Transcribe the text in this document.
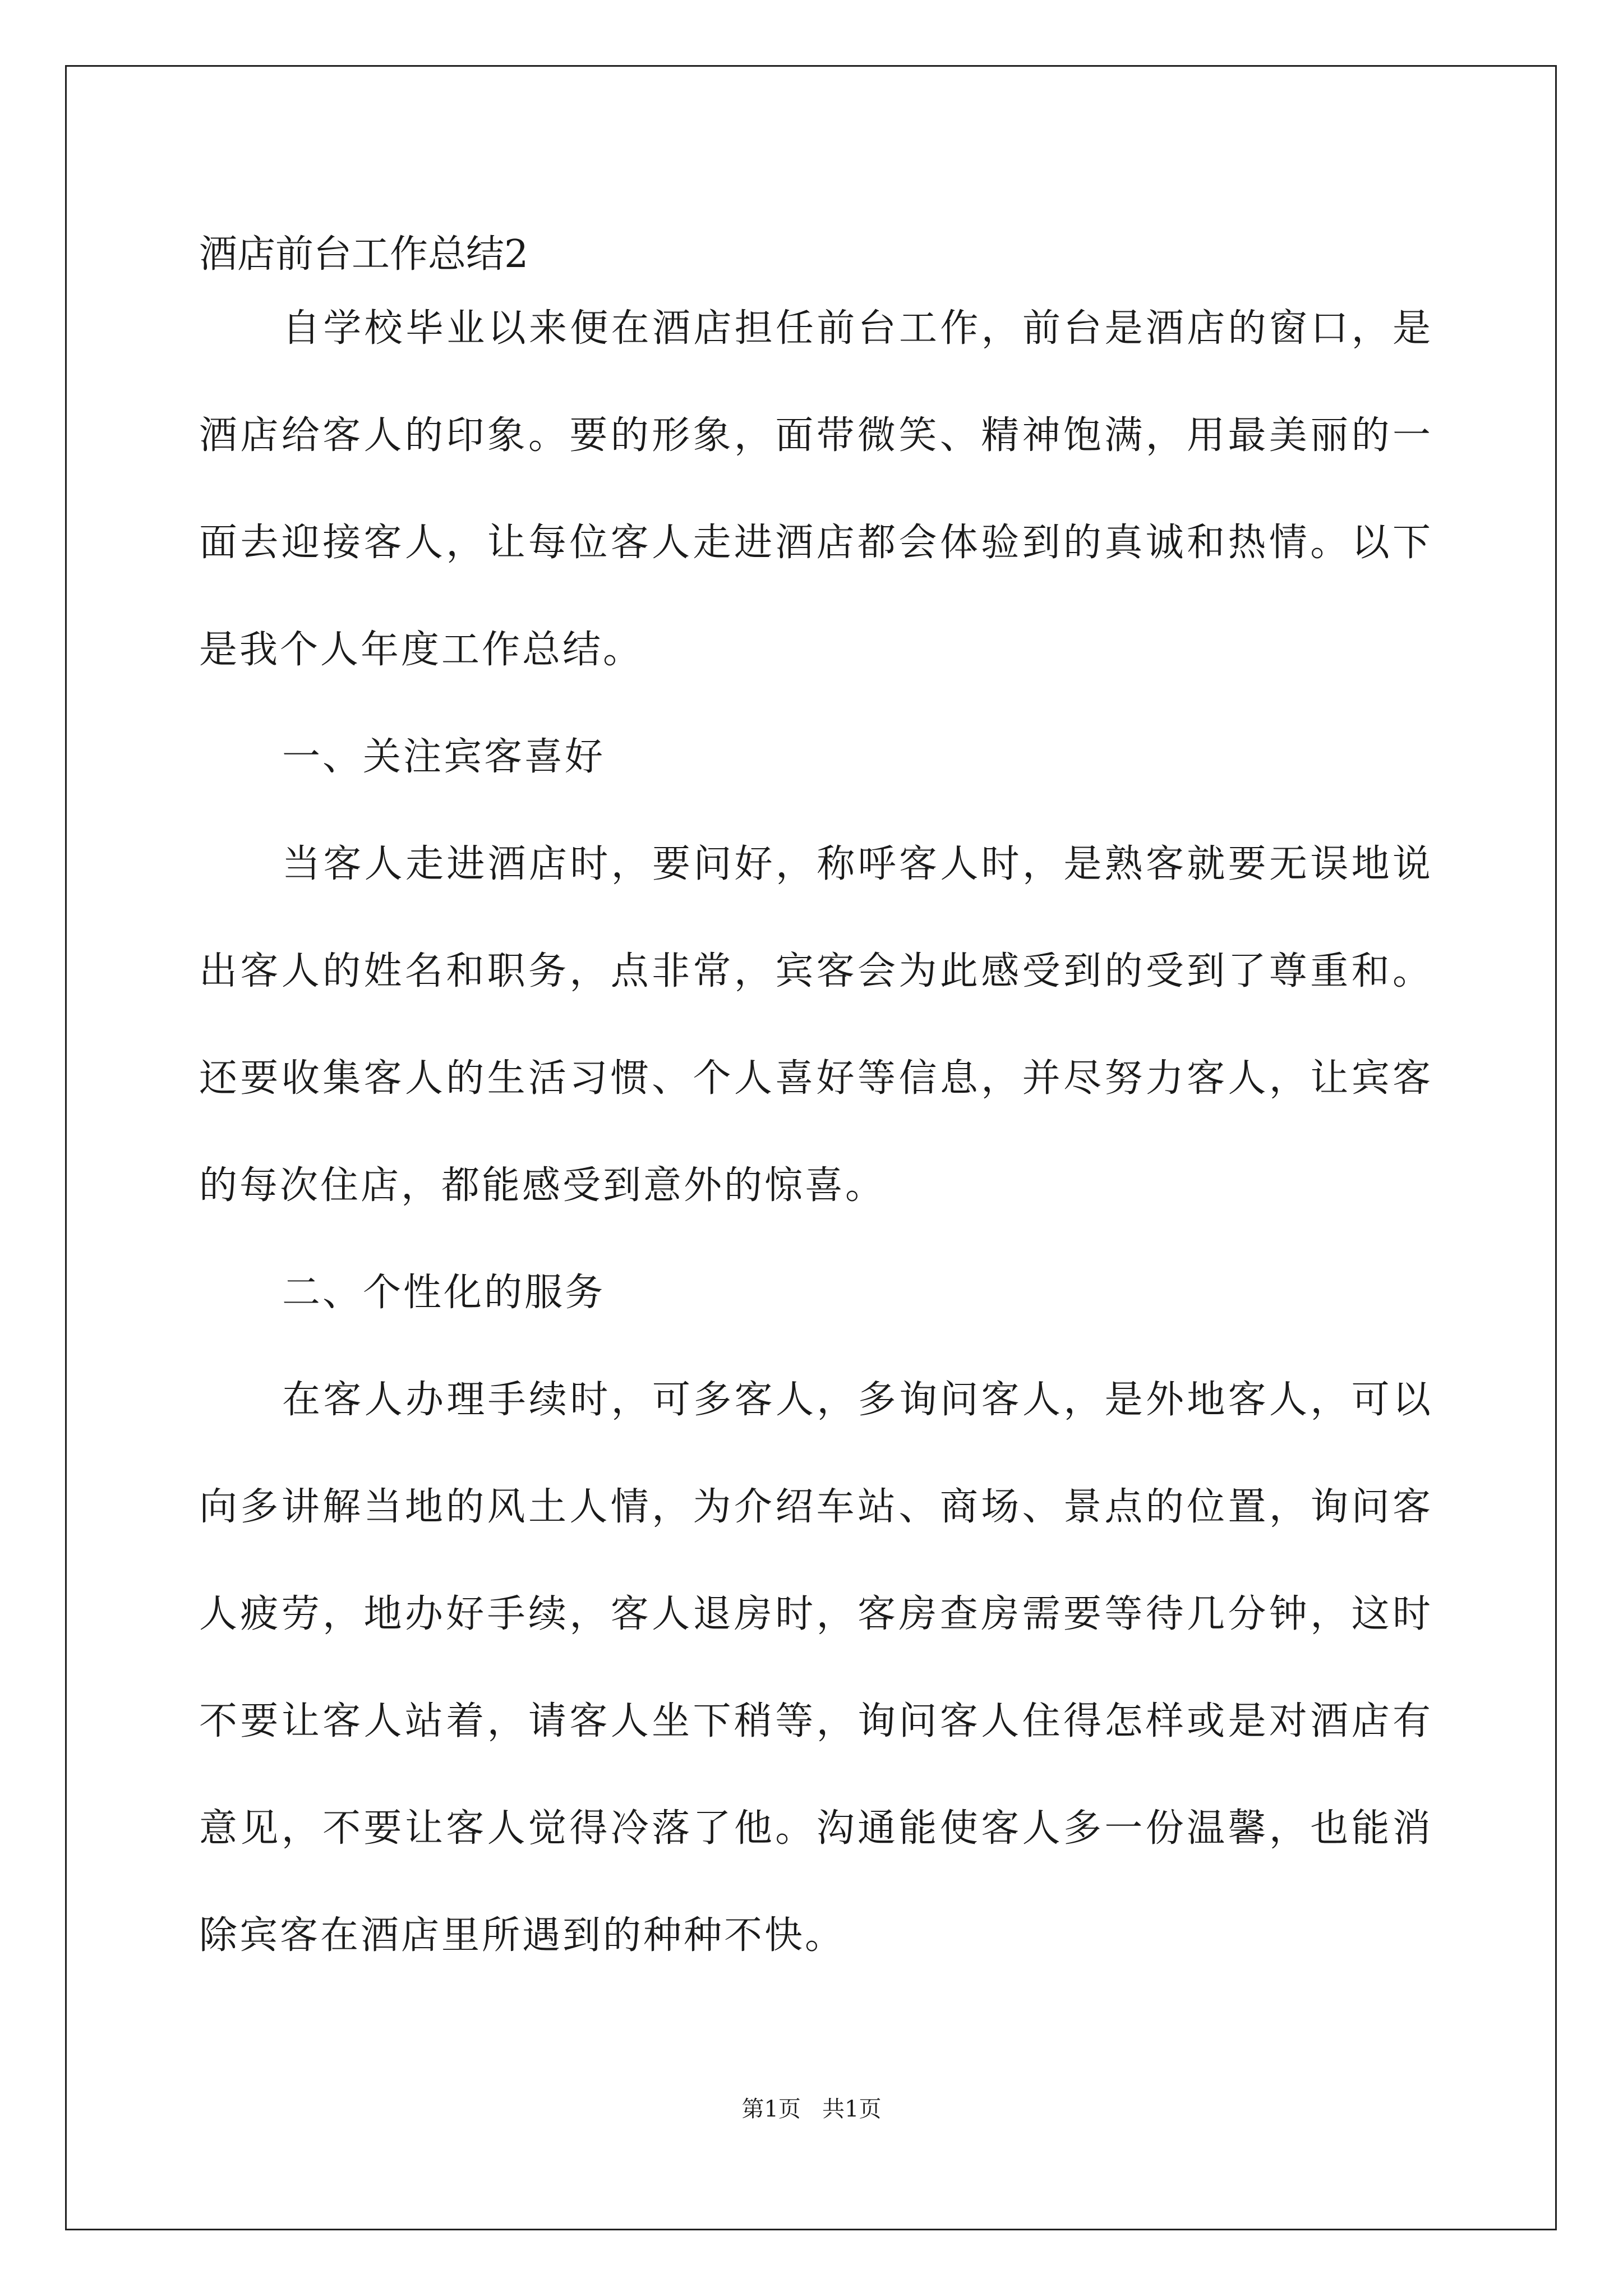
酒店前台工作总结2
自学校毕业以来便在酒店担任前台工作，前台是酒店的窗口，是
酒店给客人的印象。要的形象，面带微笑、精神饱满，用最美丽的一
面去迎接客人，让每位客人走进酒店都会体验到的真诚和热情。以下
是我个人年度工作总结。
一、关注宾客喜好
当客人走进酒店时，要问好，称呼客人时，是熟客就要无误地说
出客人的姓名和职务，点非常，宾客会为此感受到的受到了尊重和。
还要收集客人的生活习惯、个人喜好等信息，并尽努力客人，让宾客
的每次住店，都能感受到意外的惊喜。
二、个性化的服务
在客人办理手续时，可多客人，多询问客人，是外地客人，可以
向多讲解当地的风土人情，为介绍车站、商场、景点的位置，询问客
人疲劳，地办好手续，客人退房时，客房查房需要等待几分钟，这时
不要让客人站着，请客人坐下稍等，询问客人住得怎样或是对酒店有
意见，不要让客人觉得冷落了他。沟通能使客人多一份温馨，也能消
除宾客在酒店里所遇到的种种不快。
第1页   共1页
